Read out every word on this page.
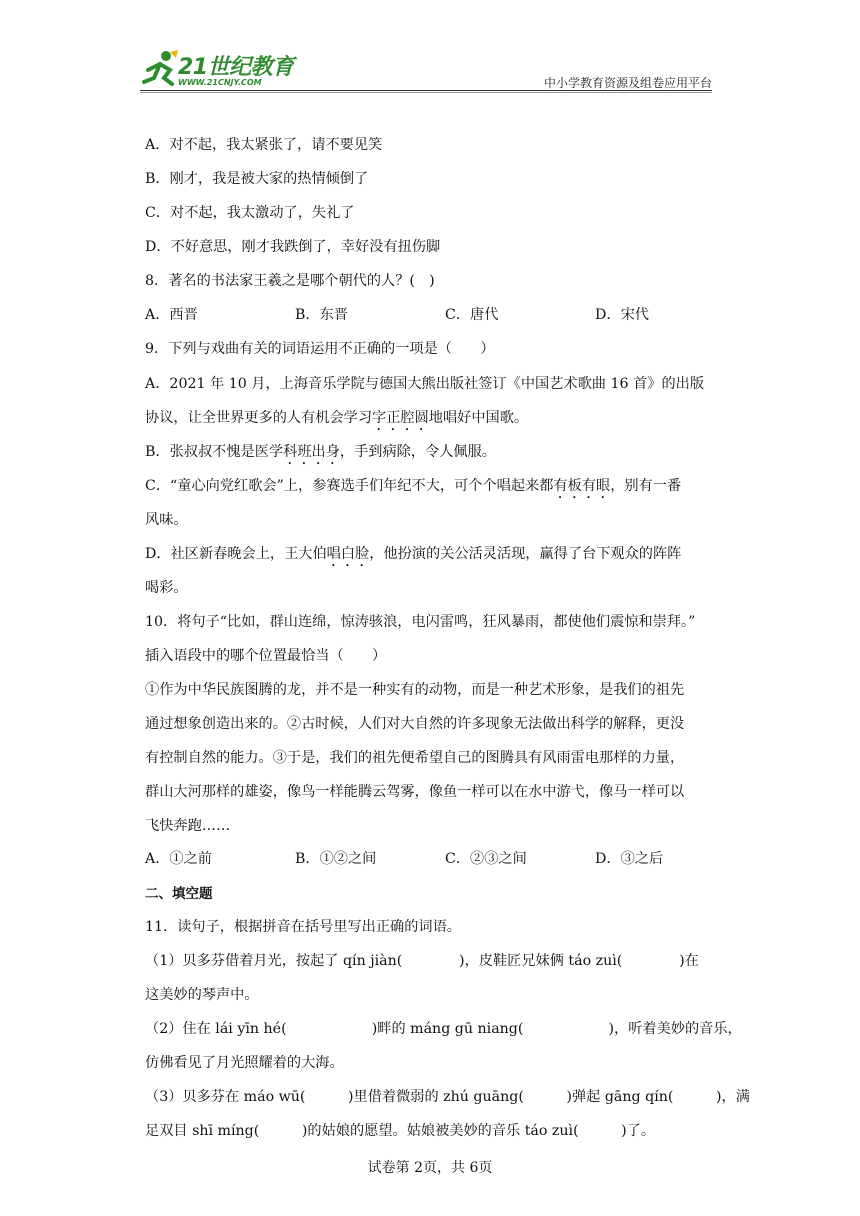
21世纪教育
WWW.21CNJY.COM	中小学教育资源及组卷应用平台
A．对不起，我太紧张了，请不要见笑
B．刚才，我是被大家的热情倾倒了
C．对不起，我太激动了，失礼了
D．不好意思，刚才我跌倒了，幸好没有扭伤脚
8．著名的书法家王羲之是哪个朝代的人？(　)
A．西晋	B．东晋	C．唐代	D．宋代
9．下列与戏曲有关的词语运用不正确的一项是（　　）
A．2021 年 10 月，上海音乐学院与德国大熊出版社签订《中国艺术歌曲 16 首》的出版
协议，让全世界更多的人有机会学习字正腔圆地唱好中国歌。
B．张叔叔不愧是医学科班出身，手到病除，令人佩服。
C．“童心向党红歌会”上，参赛选手们年纪不大，可个个唱起来都有板有眼，别有一番
风味。
D．社区新春晚会上，王大伯唱白脸，他扮演的关公活灵活现，赢得了台下观众的阵阵
喝彩。
10．将句子“比如，群山连绵，惊涛骇浪，电闪雷鸣，狂风暴雨，都使他们震惊和崇拜。”
插入语段中的哪个位置最恰当（　　）
①作为中华民族图腾的龙，并不是一种实有的动物，而是一种艺术形象，是我们的祖先
通过想象创造出来的。②古时候，人们对大自然的许多现象无法做出科学的解释，更没
有控制自然的能力。③于是，我们的祖先便希望自己的图腾具有风雨雷电那样的力量，
群山大河那样的雄姿，像鸟一样能腾云驾雾，像鱼一样可以在水中游弋，像马一样可以
飞快奔跑……
A．①之前	B．①②之间	C．②③之间	D．③之后
二、填空题
11．读句子，根据拼音在括号里写出正确的词语。
（1）贝多芬借着月光，按起了 qín jiàn(　　　　)，皮鞋匠兄妹俩 táo zuì(　　　　)在
这美妙的琴声中。
（2）住在 lái yīn hé(　　　　　　)畔的 máng gū niang(　　　　　　)，听着美妙的音乐，
仿佛看见了月光照耀着的大海。
（3）贝多芬在 máo wū(　　　)里借着微弱的 zhú guāng(　　　)弹起 gāng qín(　　　)，满
足双目 shī míng(　　　)的姑娘的愿望。姑娘被美妙的音乐 táo zuì(　　　)了。
试卷第 2页，共 6页
